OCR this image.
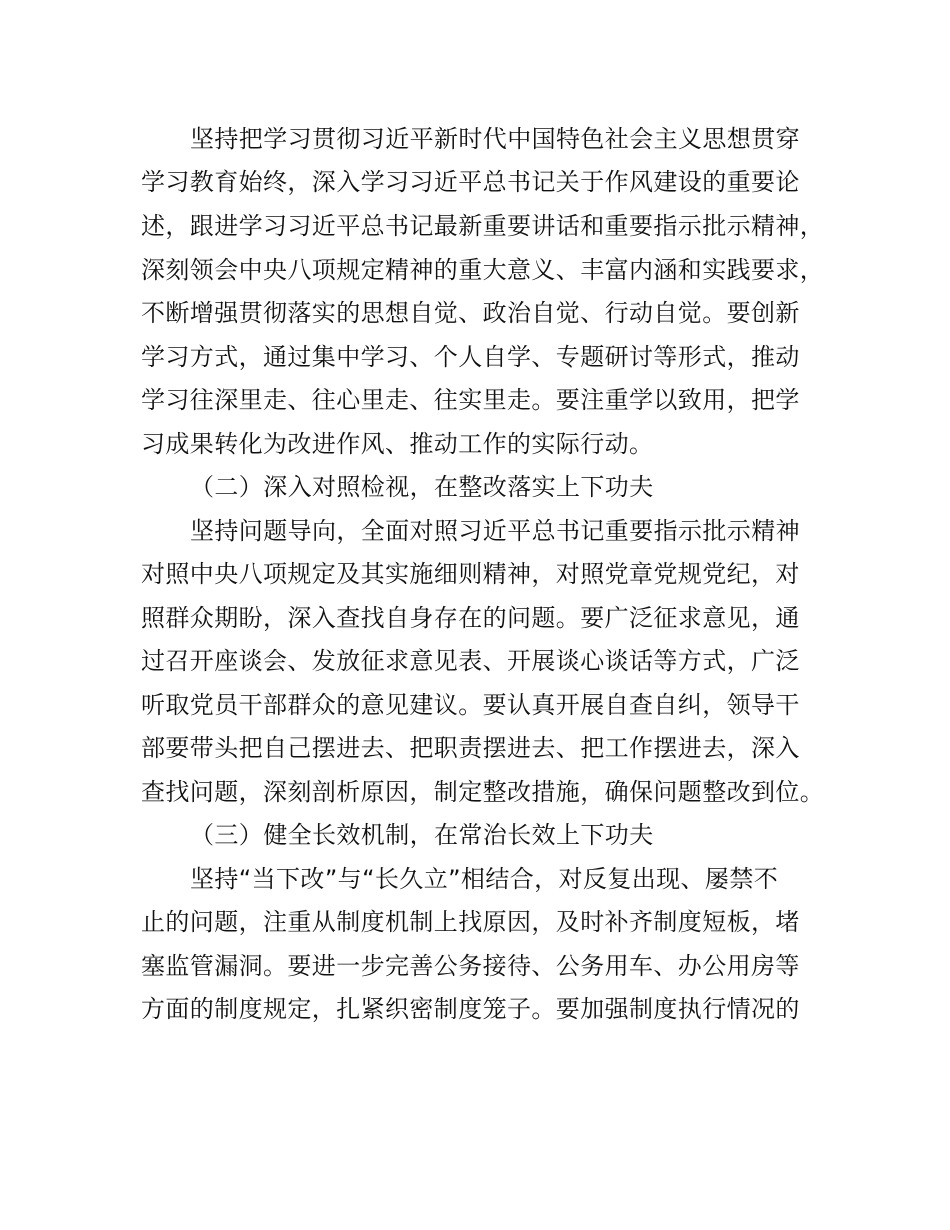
坚持把学习贯彻习近平新时代中国特色社会主义思想贯穿
学习教育始终，深入学习习近平总书记关于作风建设的重要论
述，跟进学习习近平总书记最新重要讲话和重要指示批示精神，
深刻领会中央八项规定精神的重大意义、丰富内涵和实践要求，
不断增强贯彻落实的思想自觉、政治自觉、行动自觉。要创新
学习方式，通过集中学习、个人自学、专题研讨等形式，推动
学习往深里走、往心里走、往实里走。要注重学以致用，把学
习成果转化为改进作风、推动工作的实际行动。
（二）深入对照检视，在整改落实上下功夫
坚持问题导向，全面对照习近平总书记重要指示批示精神
对照中央八项规定及其实施细则精神，对照党章党规党纪，对
照群众期盼，深入查找自身存在的问题。要广泛征求意见，通
过召开座谈会、发放征求意见表、开展谈心谈话等方式，广泛
听取党员干部群众的意见建议。要认真开展自查自纠，领导干
部要带头把自己摆进去、把职责摆进去、把工作摆进去，深入
查找问题，深刻剖析原因，制定整改措施，确保问题整改到位。
（三）健全长效机制，在常治长效上下功夫
坚持“当下改”与“长久立”相结合，对反复出现、屡禁不
止的问题，注重从制度机制上找原因，及时补齐制度短板，堵
塞监管漏洞。要进一步完善公务接待、公务用车、办公用房等
方面的制度规定，扎紧织密制度笼子。要加强制度执行情况的
